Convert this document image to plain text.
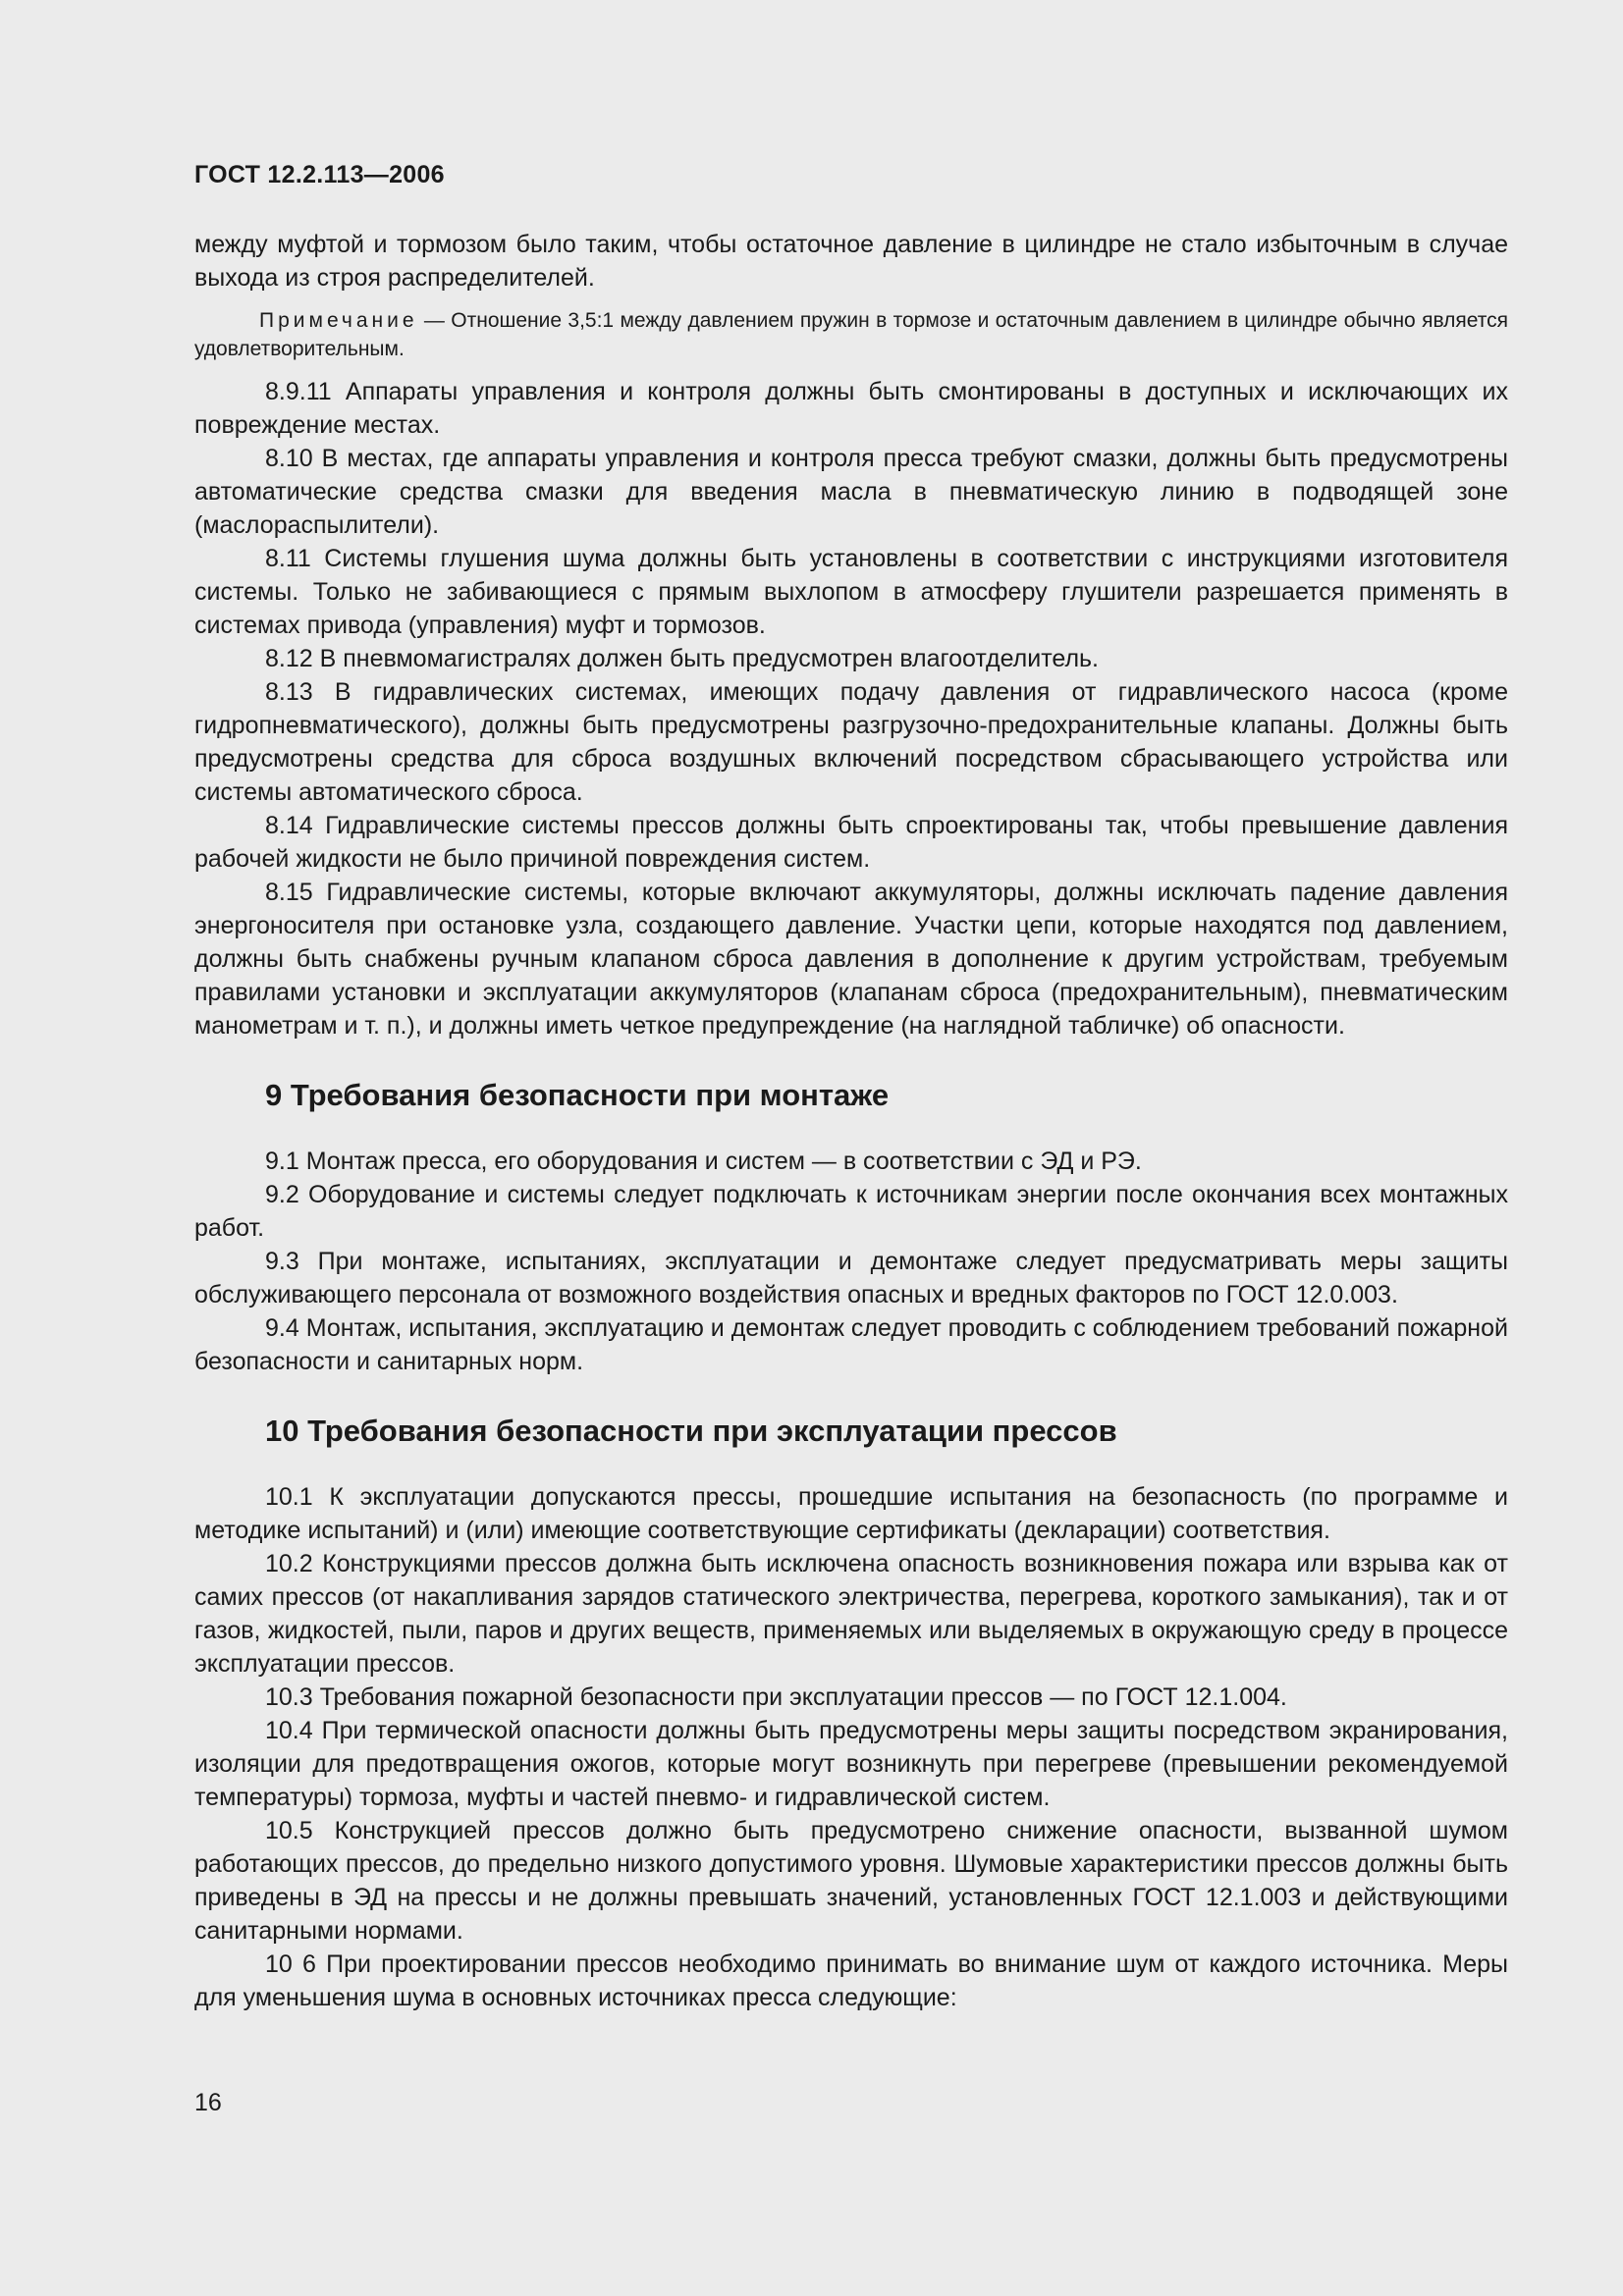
ГОСТ 12.2.113—2006

между муфтой и тормозом было таким, чтобы остаточное давление в цилиндре не стало избыточным в случае выхода из строя распределителей.

Примечание — Отношение 3,5:1 между давлением пружин в тормозе и остаточным давлением в цилиндре обычно является удовлетворительным.

8.9.11 Аппараты управления и контроля должны быть смонтированы в доступных и исключающих их повреждение местах.

8.10 В местах, где аппараты управления и контроля пресса требуют смазки, должны быть предусмотрены автоматические средства смазки для введения масла в пневматическую линию в подводящей зоне (маслораспылители).

8.11 Системы глушения шума должны быть установлены в соответствии с инструкциями изготовителя системы. Только не забивающиеся с прямым выхлопом в атмосферу глушители разрешается применять в системах привода (управления) муфт и тормозов.

8.12 В пневмомагистралях должен быть предусмотрен влагоотделитель.

8.13 В гидравлических системах, имеющих подачу давления от гидравлического насоса (кроме гидропневматического), должны быть предусмотрены разгрузочно-предохранительные клапаны. Должны быть предусмотрены средства для сброса воздушных включений посредством сбрасывающего устройства или системы автоматического сброса.

8.14 Гидравлические системы прессов должны быть спроектированы так, чтобы превышение давления рабочей жидкости не было причиной повреждения систем.

8.15 Гидравлические системы, которые включают аккумуляторы, должны исключать падение давления энергоносителя при остановке узла, создающего давление. Участки цепи, которые находятся под давлением, должны быть снабжены ручным клапаном сброса давления в дополнение к другим устройствам, требуемым правилами установки и эксплуатации аккумуляторов (клапанам сброса (предохранительным), пневматическим манометрам и т. п.), и должны иметь четкое предупреждение (на наглядной табличке) об опасности.

9 Требования безопасности при монтаже

9.1 Монтаж пресса, его оборудования и систем — в соответствии с ЭД и РЭ.

9.2 Оборудование и системы следует подключать к источникам энергии после окончания всех монтажных работ.

9.3 При монтаже, испытаниях, эксплуатации и демонтаже следует предусматривать меры защиты обслуживающего персонала от возможного воздействия опасных и вредных факторов по ГОСТ 12.0.003.

9.4 Монтаж, испытания, эксплуатацию и демонтаж следует проводить с соблюдением требований пожарной безопасности и санитарных норм.

10 Требования безопасности при эксплуатации прессов

10.1 К эксплуатации допускаются прессы, прошедшие испытания на безопасность (по программе и методике испытаний) и (или) имеющие соответствующие сертификаты (декларации) соответствия.

10.2 Конструкциями прессов должна быть исключена опасность возникновения пожара или взрыва как от самих прессов (от накапливания зарядов статического электричества, перегрева, короткого замыкания), так и от газов, жидкостей, пыли, паров и других веществ, применяемых или выделяемых в окружающую среду в процессе эксплуатации прессов.

10.3 Требования пожарной безопасности при эксплуатации прессов — по ГОСТ 12.1.004.

10.4 При термической опасности должны быть предусмотрены меры защиты посредством экранирования, изоляции для предотвращения ожогов, которые могут возникнуть при перегреве (превышении рекомендуемой температуры) тормоза, муфты и частей пневмо- и гидравлической систем.

10.5 Конструкцией прессов должно быть предусмотрено снижение опасности, вызванной шумом работающих прессов, до предельно низкого допустимого уровня. Шумовые характеристики прессов должны быть приведены в ЭД на прессы и не должны превышать значений, установленных ГОСТ 12.1.003 и действующими санитарными нормами.

10 6 При проектировании прессов необходимо принимать во внимание шум от каждого источника. Меры для уменьшения шума в основных источниках пресса следующие:

16
